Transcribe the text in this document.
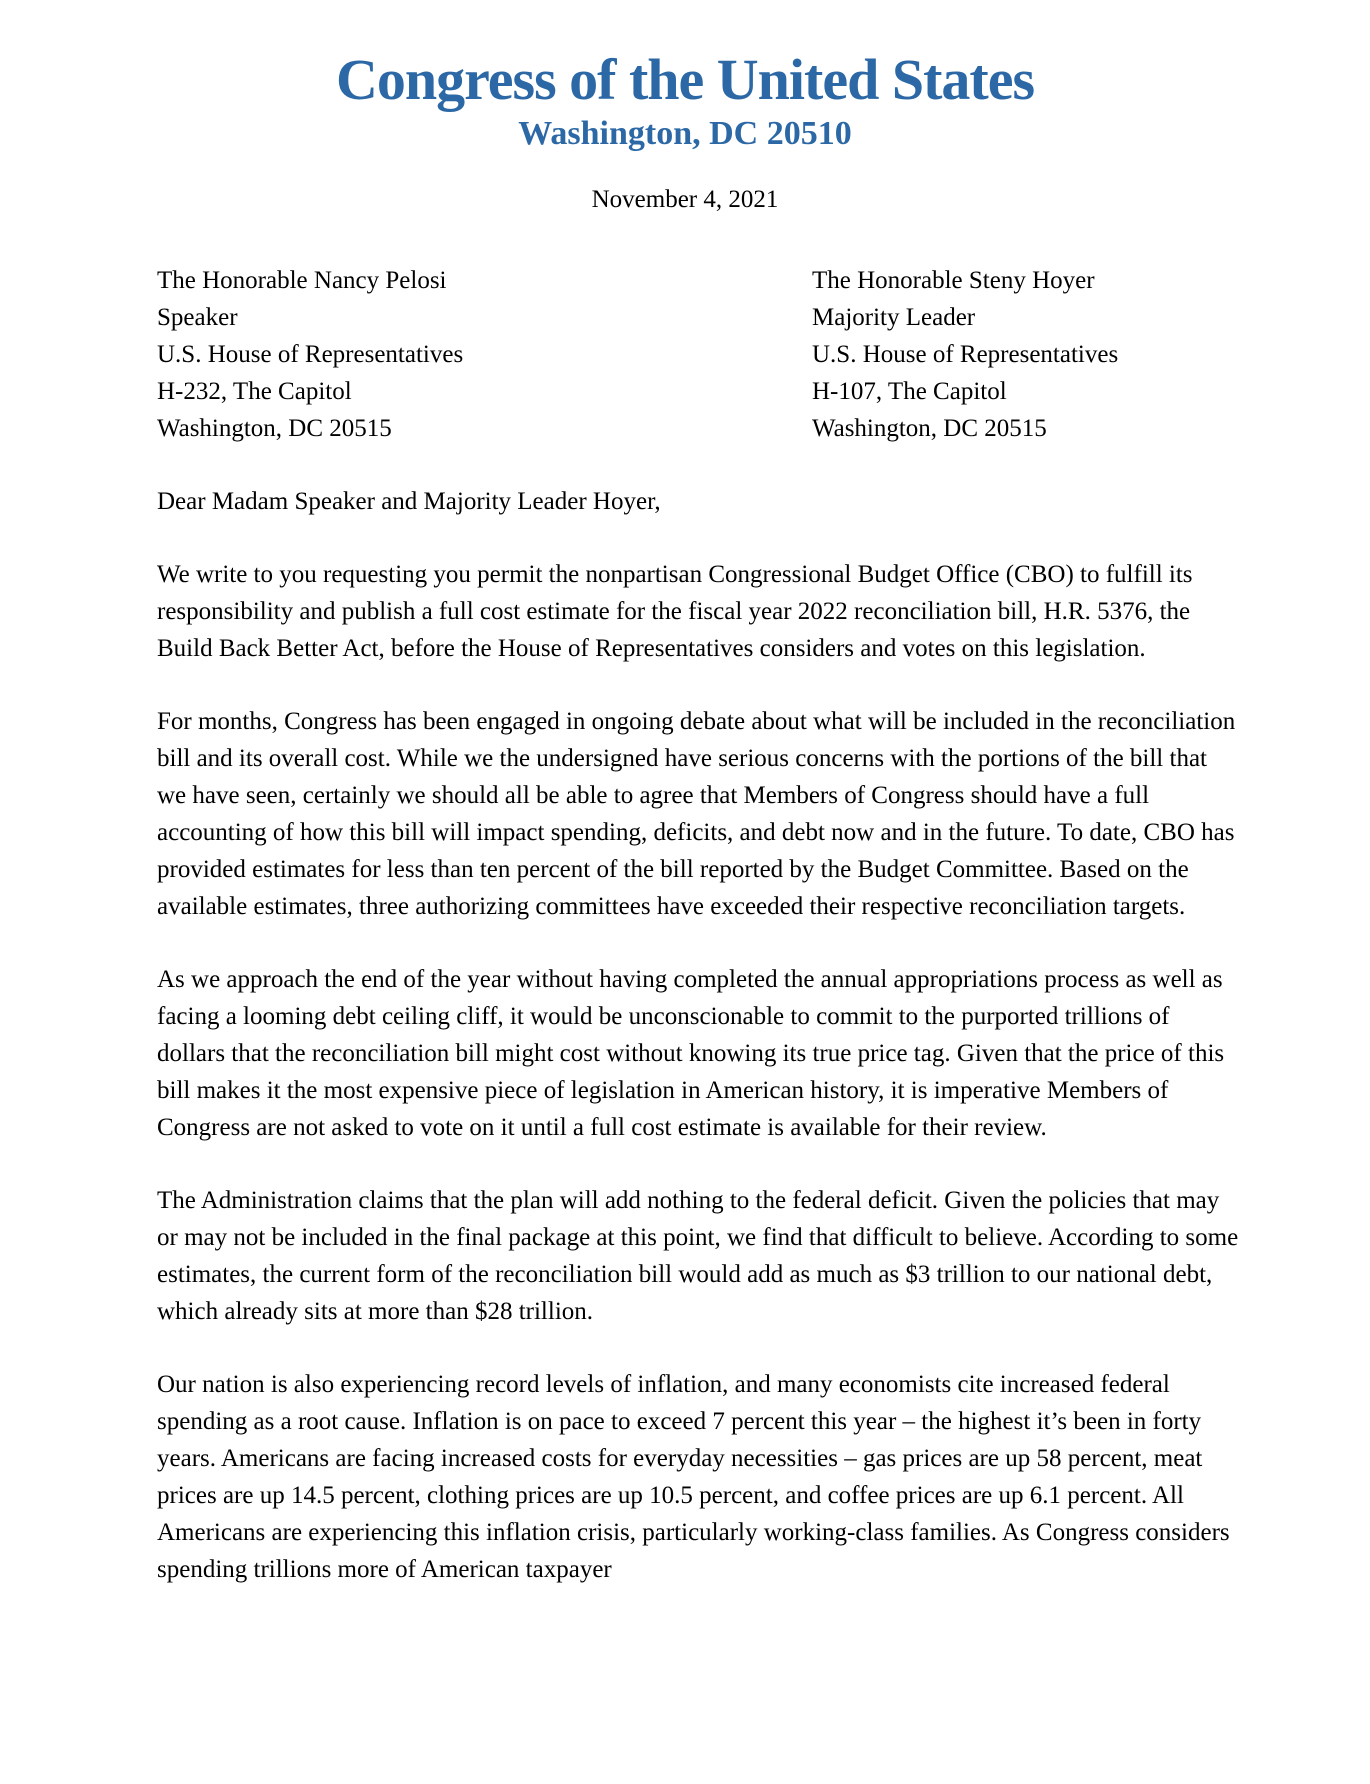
Congress of the United States
Washington, DC 20510
November 4, 2021
The Honorable Nancy Pelosi
Speaker
U.S. House of Representatives
H-232, The Capitol
Washington, DC 20515
The Honorable Steny Hoyer
Majority Leader
U.S. House of Representatives
H-107, The Capitol
Washington, DC 20515

Dear Madam Speaker and Majority Leader Hoyer,

We write to you requesting you permit the nonpartisan Congressional Budget Office (CBO) to fulfill its responsibility and publish a full cost estimate for the fiscal year 2022 reconciliation bill, H.R. 5376, the Build Back Better Act, before the House of Representatives considers and votes on this legislation.

For months, Congress has been engaged in ongoing debate about what will be included in the reconciliation bill and its overall cost. While we the undersigned have serious concerns with the portions of the bill that we have seen, certainly we should all be able to agree that Members of Congress should have a full accounting of how this bill will impact spending, deficits, and debt now and in the future. To date, CBO has provided estimates for less than ten percent of the bill reported by the Budget Committee. Based on the available estimates, three authorizing committees have exceeded their respective reconciliation targets.

As we approach the end of the year without having completed the annual appropriations process as well as facing a looming debt ceiling cliff, it would be unconscionable to commit to the purported trillions of dollars that the reconciliation bill might cost without knowing its true price tag. Given that the price of this bill makes it the most expensive piece of legislation in American history, it is imperative Members of Congress are not asked to vote on it until a full cost estimate is available for their review.

The Administration claims that the plan will add nothing to the federal deficit. Given the policies that may or may not be included in the final package at this point, we find that difficult to believe. According to some estimates, the current form of the reconciliation bill would add as much as $3 trillion to our national debt, which already sits at more than $28 trillion.

Our nation is also experiencing record levels of inflation, and many economists cite increased federal spending as a root cause. Inflation is on pace to exceed 7 percent this year – the highest it’s been in forty years. Americans are facing increased costs for everyday necessities – gas prices are up 58 percent, meat prices are up 14.5 percent, clothing prices are up 10.5 percent, and coffee prices are up 6.1 percent. All Americans are experiencing this inflation crisis, particularly working-class families. As Congress considers spending trillions more of American taxpayer
